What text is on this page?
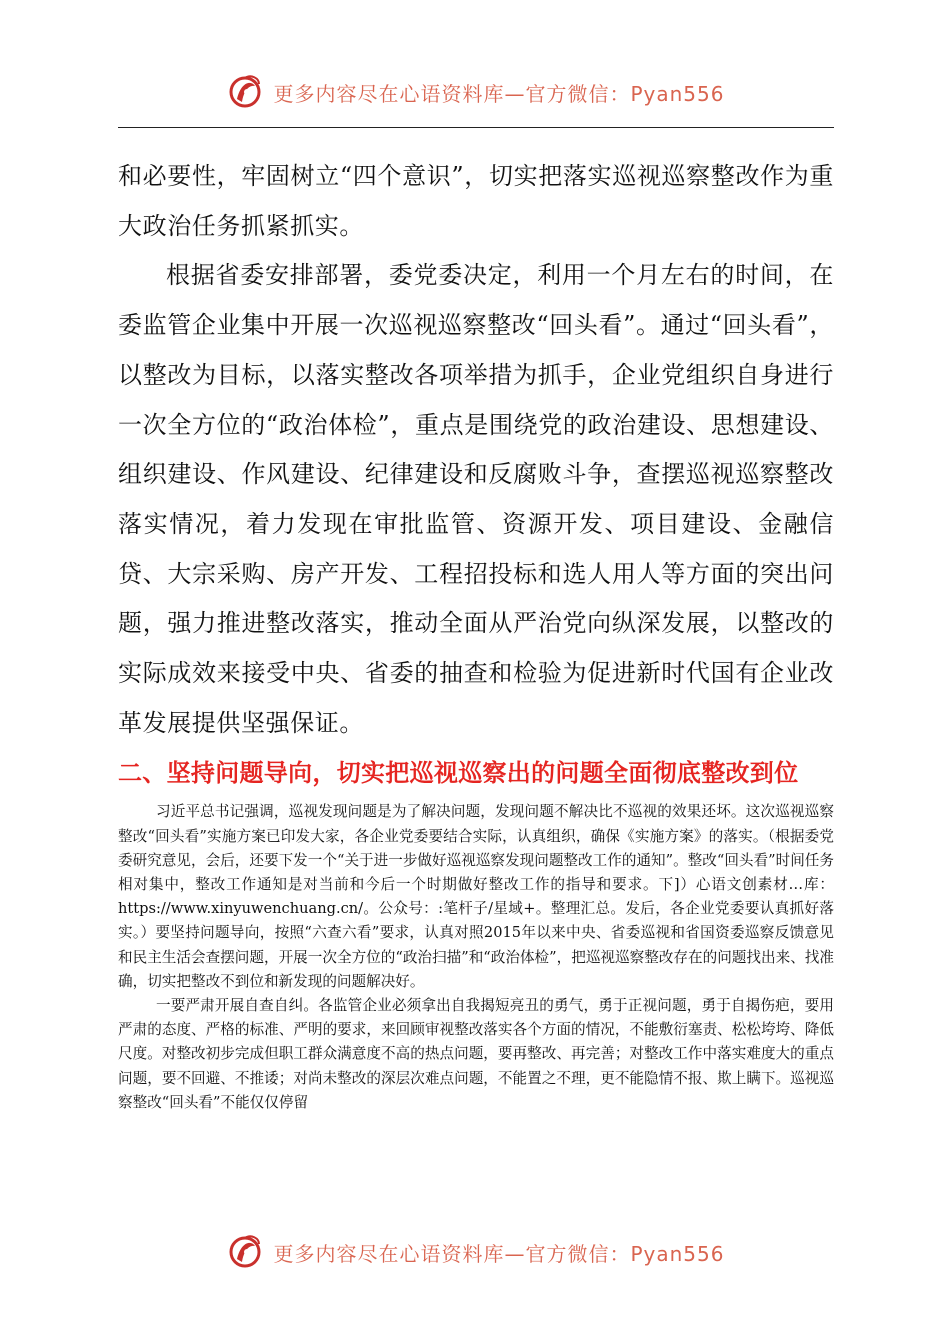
更多内容尽在心语资料库—官方微信：Pyan556

和必要性，牢固树立“四个意识”，切实把落实巡视巡察整改作为重大政治任务抓紧抓实。

根据省委安排部署，委党委决定，利用一个月左右的时间，在委监管企业集中开展一次巡视巡察整改“回头看”。通过“回头看”，以整改为目标，以落实整改各项举措为抓手，企业党组织自身进行一次全方位的“政治体检”，重点是围绕党的政治建设、思想建设、组织建设、作风建设、纪律建设和反腐败斗争，查摆巡视巡察整改落实情况，着力发现在审批监管、资源开发、项目建设、金融信贷、大宗采购、房产开发、工程招投标和选人用人等方面的突出问题，强力推进整改落实，推动全面从严治党向纵深发展，以整改的实际成效来接受中央、省委的抽查和检验为促进新时代国有企业改革发展提供坚强保证。

二、坚持问题导向，切实把巡视巡察出的问题全面彻底整改到位

习近平总书记强调，巡视发现问题是为了解决问题，发现问题不解决比不巡视的效果还坏。这次巡视巡察整改“回头看”实施方案已印发大家，各企业党委要结合实际，认真组织，确保《实施方案》的落实。（根据委党委研究意见，会后，还要下发一个“关于进一步做好巡视巡察发现问题整改工作的通知”。整改“回头看”时间任务相对集中，整改工作通知是对当前和今后一个时期做好整改工作的指导和要求。下]）心语文创素材…库：https://www.xinyuwenchuang.cn/。公众号：:笔杆子/星域+。整理汇总。发后，各企业党委要认真抓好落实。）要坚持问题导向，按照“六查六看”要求，认真对照2015年以来中央、省委巡视和省国资委巡察反馈意见和民主生活会查摆问题，开展一次全方位的“政治扫描”和“政治体检”，把巡视巡察整改存在的问题找出来、找准确，切实把整改不到位和新发现的问题解决好。

一要严肃开展自查自纠。各监管企业必须拿出自我揭短亮丑的勇气，勇于正视问题，勇于自揭伤疤，要用严肃的态度、严格的标准、严明的要求，来回顾审视整改落实各个方面的情况，不能敷衍塞责、松松垮垮、降低尺度。对整改初步完成但职工群众满意度不高的热点问题，要再整改、再完善；对整改工作中落实难度大的重点问题，要不回避、不推诿；对尚未整改的深层次难点问题，不能置之不理，更不能隐情不报、欺上瞒下。巡视巡察整改“回头看”不能仅仅停留

更多内容尽在心语资料库—官方微信：Pyan556
